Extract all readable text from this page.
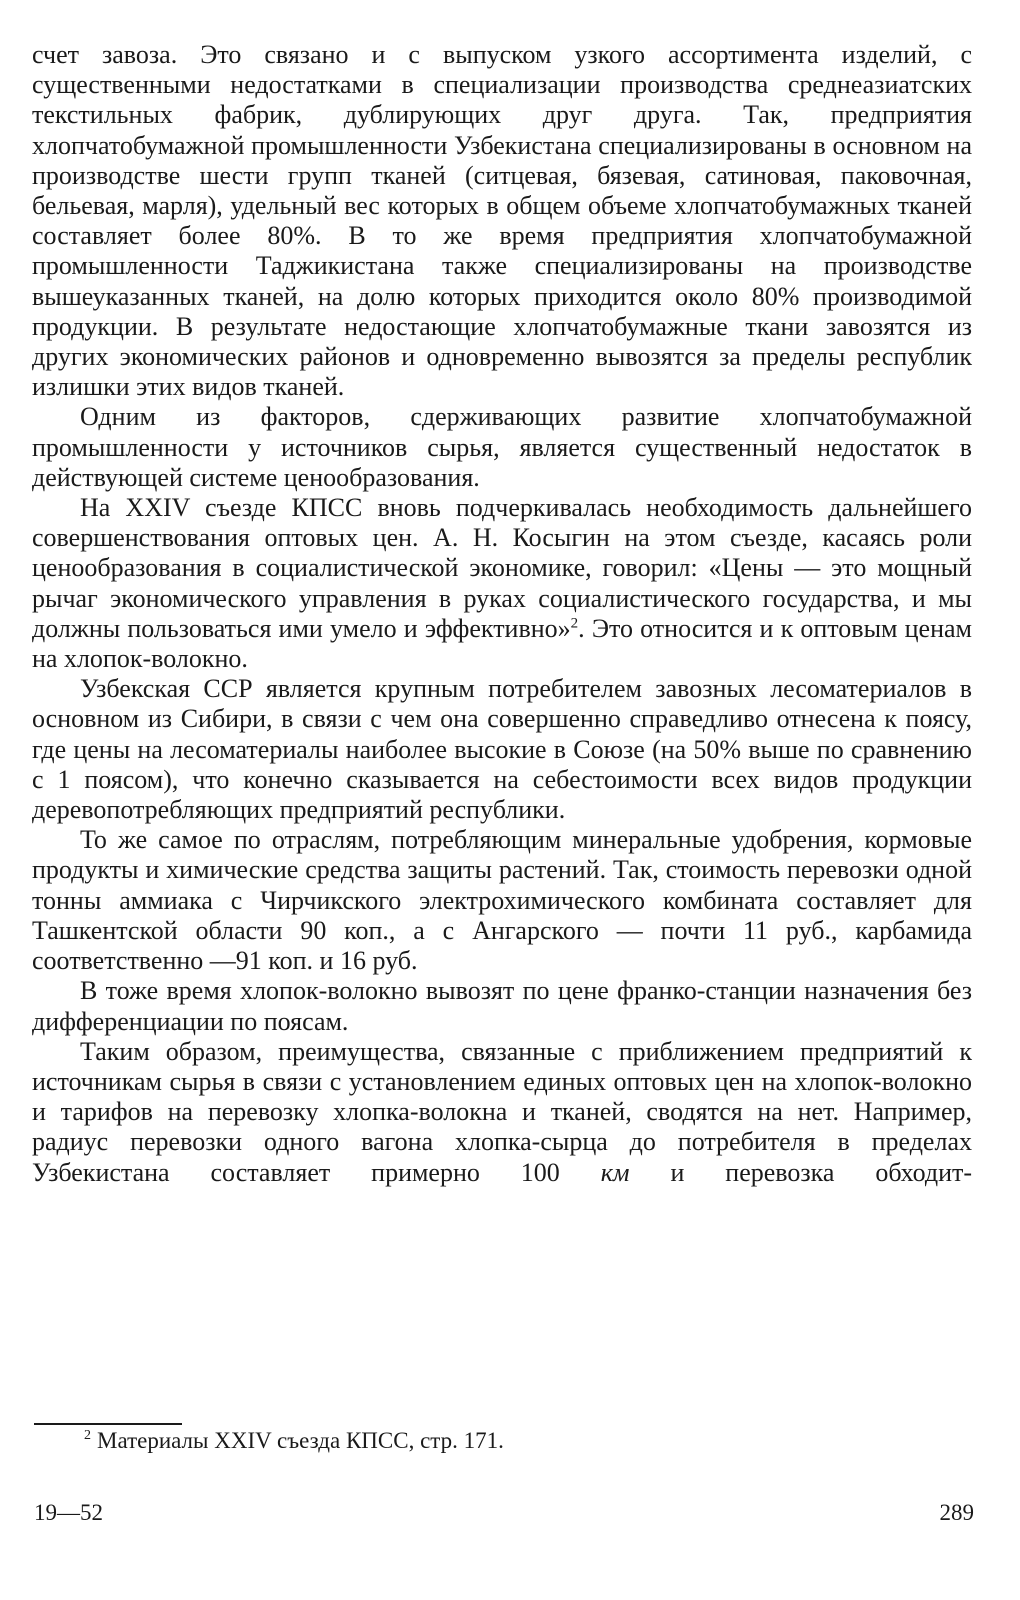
счет завоза. Это связано и с выпуском узкого ассортимента изделий, с существенными недостатками в специализации производства среднеазиатских текстильных фабрик, дублирующих друг друга. Так, предприятия хлопчатобумажной промышленности Узбекистана специализированы в основном на производстве шести групп тканей (ситцевая, бязевая, сатиновая, паковочная, бельевая, марля), удельный вес которых в общем объеме хлопчатобумажных тканей составляет более 80%. В то же время предприятия хлопчатобумажной промышленности Таджикистана также специализированы на производстве вышеуказанных тканей, на долю которых приходится около 80% производимой продукции. В результате недостающие хлопчатобумажные ткани завозятся из других экономических районов и одновременно вывозятся за пределы республик излишки этих видов тканей.

Одним из факторов, сдерживающих развитие хлопчатобумажной промышленности у источников сырья, является существенный недостаток в действующей системе ценообразования.

На XXIV съезде КПСС вновь подчеркивалась необходимость дальнейшего совершенствования оптовых цен. А. Н. Косыгин на этом съезде, касаясь роли ценообразования в социалистической экономике, говорил: «Цены — это мощный рычаг экономического управления в руках социалистического государства, и мы должны пользоваться ими умело и эффективно»$^2$. Это относится и к оптовым ценам на хлопок-волокно.

Узбекская ССР является крупным потребителем завозных лесоматериалов в основном из Сибири, в связи с чем она совершенно справедливо отнесена к поясу, где цены на лесоматериалы наиболее высокие в Союзе (на 50% выше по сравнению с 1 поясом), что конечно сказывается на себестоимости всех видов продукции деревопотребляющих предприятий республики.

То же самое по отраслям, потребляющим минеральные удобрения, кормовые продукты и химические средства защиты растений. Так, стоимость перевозки одной тонны аммиака с Чирчикского электрохимического комбината составляет для Ташкентской области 90 коп., а с Ангарского — почти 11 руб., карбамида соответственно —91 коп. и 16 руб.

В тоже время хлопок-волокно вывозят по цене франко-станции назначения без дифференциации по поясам.

Таким образом, преимущества, связанные с приближением предприятий к источникам сырья в связи с установлением единых оптовых цен на хлопок-волокно и тарифов на перевозку хлопка-волокна и тканей, сводятся на нет. Например, радиус перевозки одного вагона хлопка-сырца до потребителя в пределах Узбекистана составляет примерно 100 км и перевозка обходит-

$^2$ Материалы XXIV съезда КПСС, стр. 171.
19—52	289
